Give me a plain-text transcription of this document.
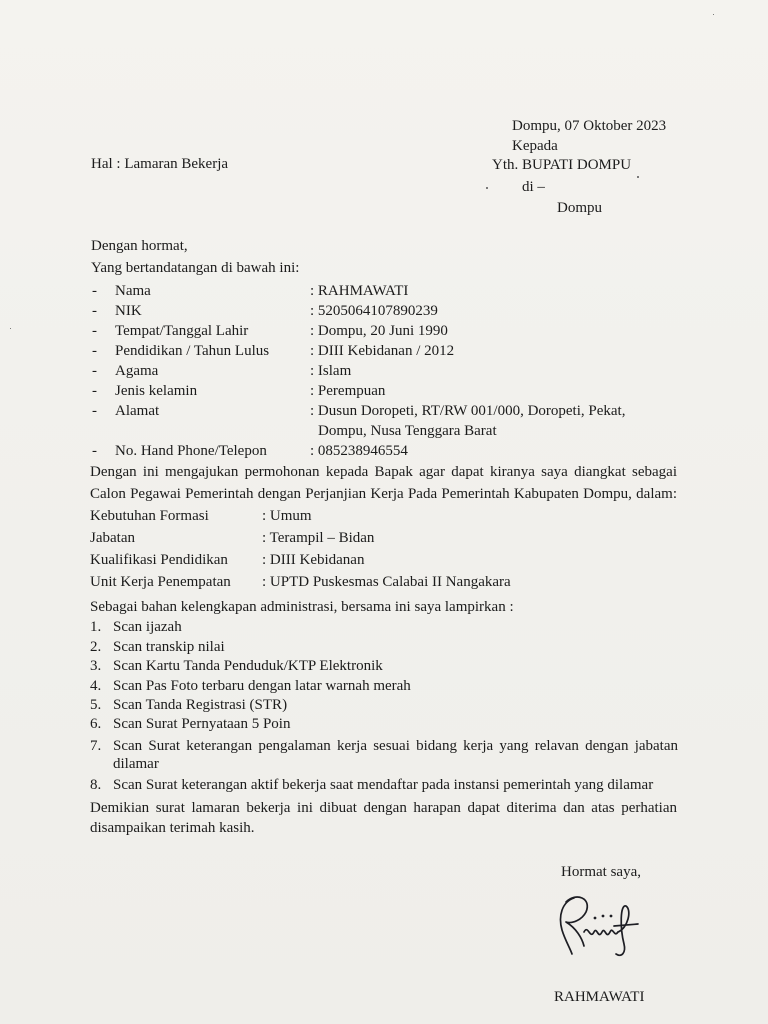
Dompu, 07 Oktober 2023
Kepada
Hal : Lamaran Bekerja	Yth. BUPATI DOMPU
di –
Dompu
Dengan hormat,
Yang bertandatangan di bawah ini:
- Nama	: RAHMAWATI
- NIK	: 5205064107890239
- Tempat/Tanggal Lahir	: Dompu, 20 Juni 1990
- Pendidikan / Tahun Lulus	: DIII Kebidanan / 2012
- Agama	: Islam
- Jenis kelamin	: Perempuan
- Alamat	: Dusun Doropeti, RT/RW 001/000, Doropeti, Pekat,
Dompu, Nusa Tenggara Barat
- No. Hand Phone/Telepon	: 085238946554
Dengan ini mengajukan permohonan kepada Bapak agar dapat kiranya saya diangkat sebagai
Calon Pegawai Pemerintah dengan Perjanjian Kerja Pada Pemerintah Kabupaten Dompu, dalam:
Kebutuhan Formasi	: Umum
Jabatan	: Terampil – Bidan
Kualifikasi Pendidikan : DIII Kebidanan
Unit Kerja Penempatan : UPTD Puskesmas Calabai II Nangakara
Sebagai bahan kelengkapan administrasi, bersama ini saya lampirkan :
1. Scan ijazah
2. Scan transkip nilai
3. Scan Kartu Tanda Penduduk/KTP Elektronik
4. Scan Pas Foto terbaru dengan latar warnah merah
5. Scan Tanda Registrasi (STR)
6. Scan Surat Pernyataan 5 Poin
7. Scan Surat keterangan pengalaman kerja sesuai bidang kerja yang relavan dengan jabatan
dilamar
8. Scan Surat keterangan aktif bekerja saat mendaftar pada instansi pemerintah yang dilamar
Demikian surat lamaran bekerja ini dibuat dengan harapan dapat diterima dan atas perhatian
disampaikan terimah kasih.
Hormat saya,
RAHMAWATI
